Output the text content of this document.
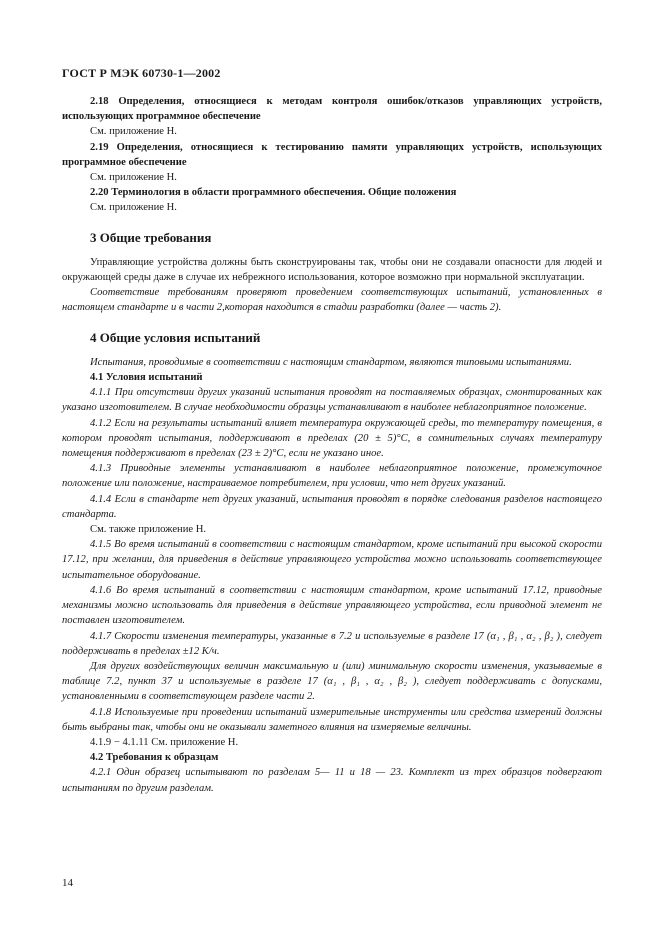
ГОСТ Р МЭК 60730-1—2002

2.18 Определения, относящиеся к методам контроля ошибок/отказов управляющих устройств, использующих программное обеспечение

См. приложение Н.

2.19 Определения, относящиеся к тестированию памяти управляющих устройств, использующих программное обеспечение

См. приложение Н.

2.20 Терминология в области программного обеспечения. Общие положения

См. приложение Н.

3 Общие требования

Управляющие устройства должны быть сконструированы так, чтобы они не создавали опасности для людей и окружающей среды даже в случае их небрежного использования, которое возможно при нормальной эксплуатации.

Соответствие требованиям проверяют проведением соответствующих испытаний, установленных в настоящем стандарте и в части 2,которая находится в стадии разработки (далее — часть 2).

4 Общие условия испытаний

Испытания, проводимые в соответствии с настоящим стандартом, являются типовыми испытаниями.

4.1 Условия испытаний

4.1.1 При отсутствии других указаний испытания проводят на поставляемых образцах, смонтированных как указано изготовителем. В случае необходимости образцы устанавливают в наиболее неблагоприятное положение.

4.1.2 Если на результаты испытаний влияет температура окружающей среды, то температуру помещения, в котором проводят испытания, поддерживают в пределах (20 ± 5)°С, в сомнительных случаях температуру помещения поддерживают в пределах (23 ± 2)°С, если не указано иное.

4.1.3 Приводные элементы устанавливают в наиболее неблагоприятное положение, промежуточное положение или положение, настраиваемое потребителем, при условии, что нет других указаний.

4.1.4 Если в стандарте нет других указаний, испытания проводят в порядке следования разделов настоящего стандарта.

См. также приложение Н.

4.1.5 Во время испытаний в соответствии с настоящим стандартом, кроме испытаний при высокой скорости 17.12, при желании, для приведения в действие управляющего устройства можно использовать соответствующее испытательное оборудование.

4.1.6 Во время испытаний в соответствии с настоящим стандартом, кроме испытаний 17.12, приводные механизмы можно использовать для приведения в действие управляющего устройства, если приводной элемент не поставлен изготовителем.

4.1.7 Скорости изменения температуры, указанные в 7.2 и используемые в разделе 17 (α₁ , β₁ , α₂ , β₂ ), следует поддерживать в пределах ±12 К/ч.

Для других воздействующих величин максимальную и (или) минимальную скорости изменения, указываемые в таблице 7.2, пункт 37 и используемые в разделе 17 (α₁ , β₁ , α₂ , β₂ ), следует поддерживать с допусками, установленными в соответствующем разделе части 2.

4.1.8 Используемые при проведении испытаний измерительные инструменты или средства измерений должны быть выбраны так, чтобы они не оказывали заметного влияния на измеряемые величины.

4.1.9 − 4.1.11 См. приложение Н.

4.2 Требования к образцам

4.2.1 Один образец испытывают по разделам 5— 11 и 18 — 23. Комплект из трех образцов подвергают испытаниям по другим разделам.

14
